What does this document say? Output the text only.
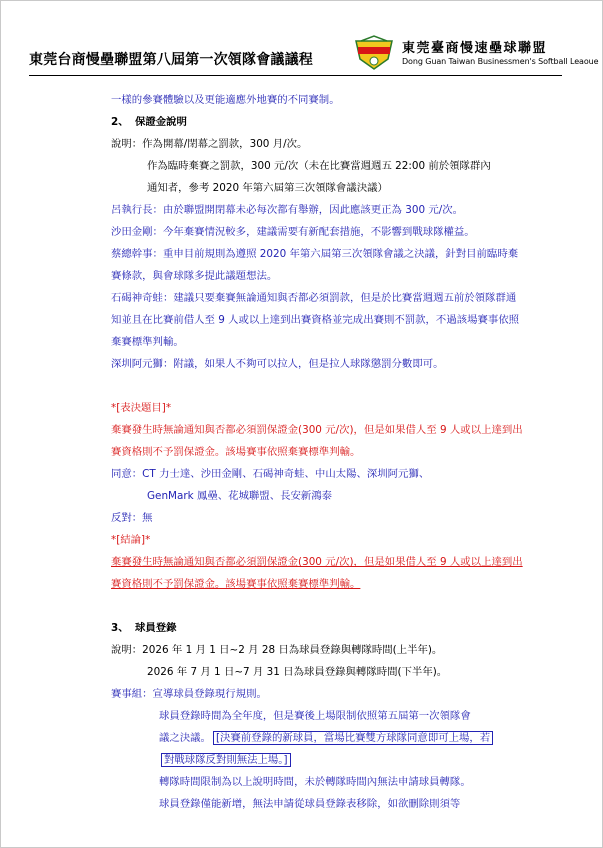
東莞台商慢壘聯盟第八屆第一次領隊會議議程
東莞臺商慢速壘球聯盟
Dong Guan Taiwan Businessmen's Softball Leaoue
一樣的參賽體驗以及更能適應外地賽的不同賽制。
2、 保證金說明
說明：作為開幕/閉幕之罰款，300 月/次。
作為臨時棄賽之罰款，300 元/次（未在比賽當週週五 22:00 前於領隊群內
通知者，參考 2020 年第六屆第三次領隊會議決議）
呂執行長：由於聯盟開閉幕未必每次都有舉辦，因此應該更正為 300 元/次。
沙田金剛：今年棄賽情況較多，建議需要有新配套措施，不影響到戰球隊權益。
蔡總幹事：重申目前規則為遵照 2020 年第六屆第三次領隊會議之決議，針對目前臨時棄
賽條款，與會球隊多提此議題想法。
石碣神奇蛙：建議只要棄賽無論通知與否都必須罰款，但是於比賽當週週五前於領隊群通
知並且在比賽前借人至 9 人或以上達到出賽資格並完成出賽則不罰款，不過該場賽事依照
棄賽標準判輸。
深圳阿元獅：附議，如果人不夠可以拉人，但是拉人球隊懲罰分數即可。
*[表決題目]*
棄賽發生時無論通知與否都必須罰保證金(300 元/次)，但是如果借人至 9 人或以上達到出
賽資格則不予罰保證金。該場賽事依照棄賽標準判輸。
同意：CT 力士達、沙田金剛、石碣神奇蛙、中山太陽、深圳阿元獅、
GenMark 鳳壘、花城聯盟、長安新鴻泰
反對：無
*[結論]*
棄賽發生時無論通知與否都必須罰保證金(300 元/次)，但是如果借人至 9 人或以上達到出
賽資格則不予罰保證金。該場賽事依照棄賽標準判輸。
3、 球員登錄
說明：2026 年 1 月 1 日~2 月 28 日為球員登錄與轉隊時間(上半年)。
2026 年 7 月 1 日~7 月 31 日為球員登錄與轉隊時間(下半年)。
賽事組：宣導球員登錄現行規則。
球員登錄時間為全年度，但是賽後上場限制依照第五屆第一次領隊會
議之決議。 [決賽前登錄的新球員，當場比賽雙方球隊同意即可上場，若
對戰球隊反對則無法上場。]
轉隊時間限制為以上說明時間，未於轉隊時間內無法申請球員轉隊。
球員登錄僅能新增，無法申請從球員登錄表移除，如欲刪除則須等
